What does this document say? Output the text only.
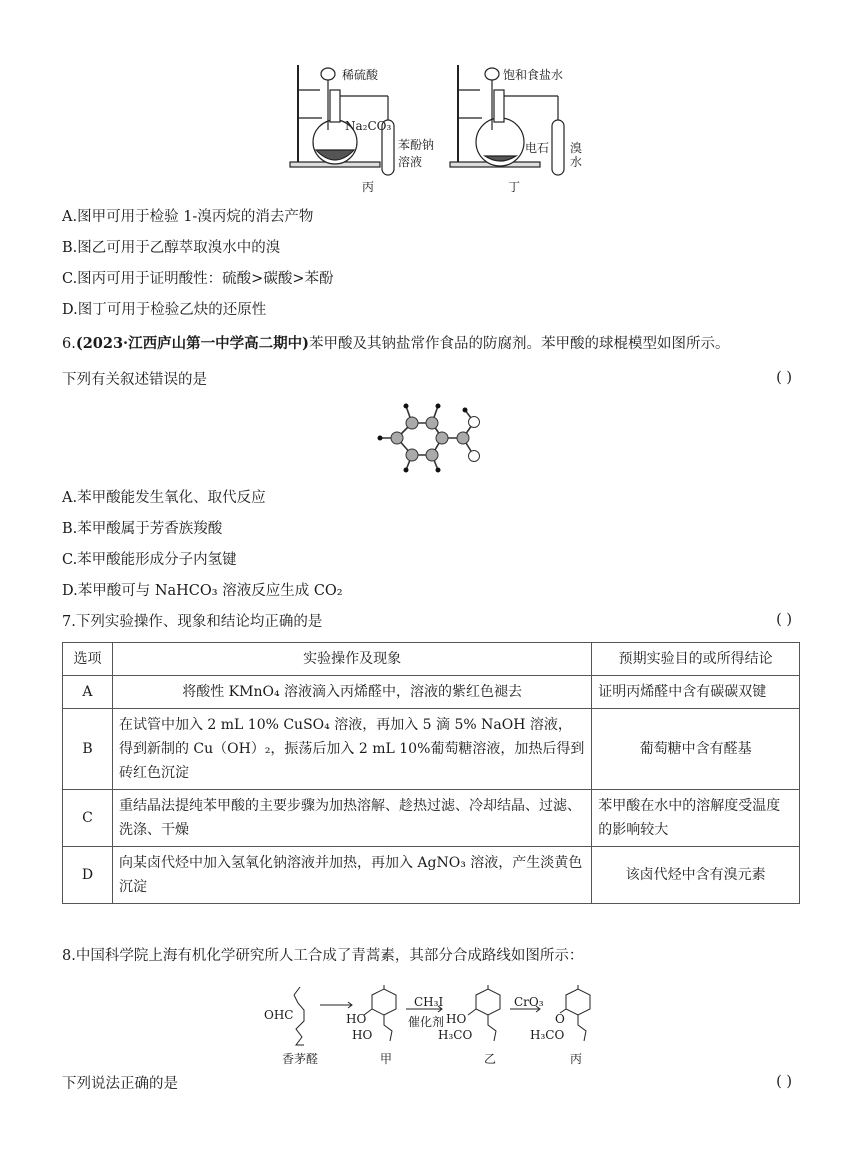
稀硫酸
Na₂CO₃
苯酚钠
溶液
丙
饱和食盐水
电石 溴
水
丁
A.图甲可用于检验 1-溴丙烷的消去产物
B.图乙可用于乙醇萃取溴水中的溴
C.图丙可用于证明酸性：硫酸>碳酸>苯酚
D.图丁可用于检验乙炔的还原性
6.(2023·江西庐山第一中学高二期中)苯甲酸及其钠盐常作食品的防腐剂。苯甲酸的球棍模型如图所示。
下列有关叙述错误的是	( )
A.苯甲酸能发生氧化、取代反应
B.苯甲酸属于芳香族羧酸
C.苯甲酸能形成分子内氢键
D.苯甲酸可与 NaHCO₃ 溶液反应生成 CO₂
7.下列实验操作、现象和结论均正确的是	( )
选项	实验操作及现象	预期实验目的或所得结论
A	将酸性 KMnO₄ 溶液滴入丙烯醛中，溶液的紫红色褪去	证明丙烯醛中含有碳碳双键
B	在试管中加入 2 mL 10% CuSO₄ 溶液，再加入 5 滴 5% NaOH 溶液，得到新制的 Cu（OH）₂，振荡后加入 2 mL 10%葡萄糖溶液，加热后得到砖红色沉淀	葡萄糖中含有醛基
C	重结晶法提纯苯甲酸的主要步骤为加热溶解、趁热过滤、冷却结晶、过滤、洗涤、干燥	苯甲酸在水中的溶解度受温度的影响较大
D	向某卤代烃中加入氢氧化钠溶液并加热，再加入 AgNO₃ 溶液，产生淡黄色沉淀	该卤代烃中含有溴元素
8.中国科学院上海有机化学研究所人工合成了青蒿素，其部分合成路线如图所示：
OHC	HO
HO
CH₃I
催化剂 HO
H₃CO
CrO₃
O
H₃CO
香茅醛	甲	乙	丙
下列说法正确的是	( )
